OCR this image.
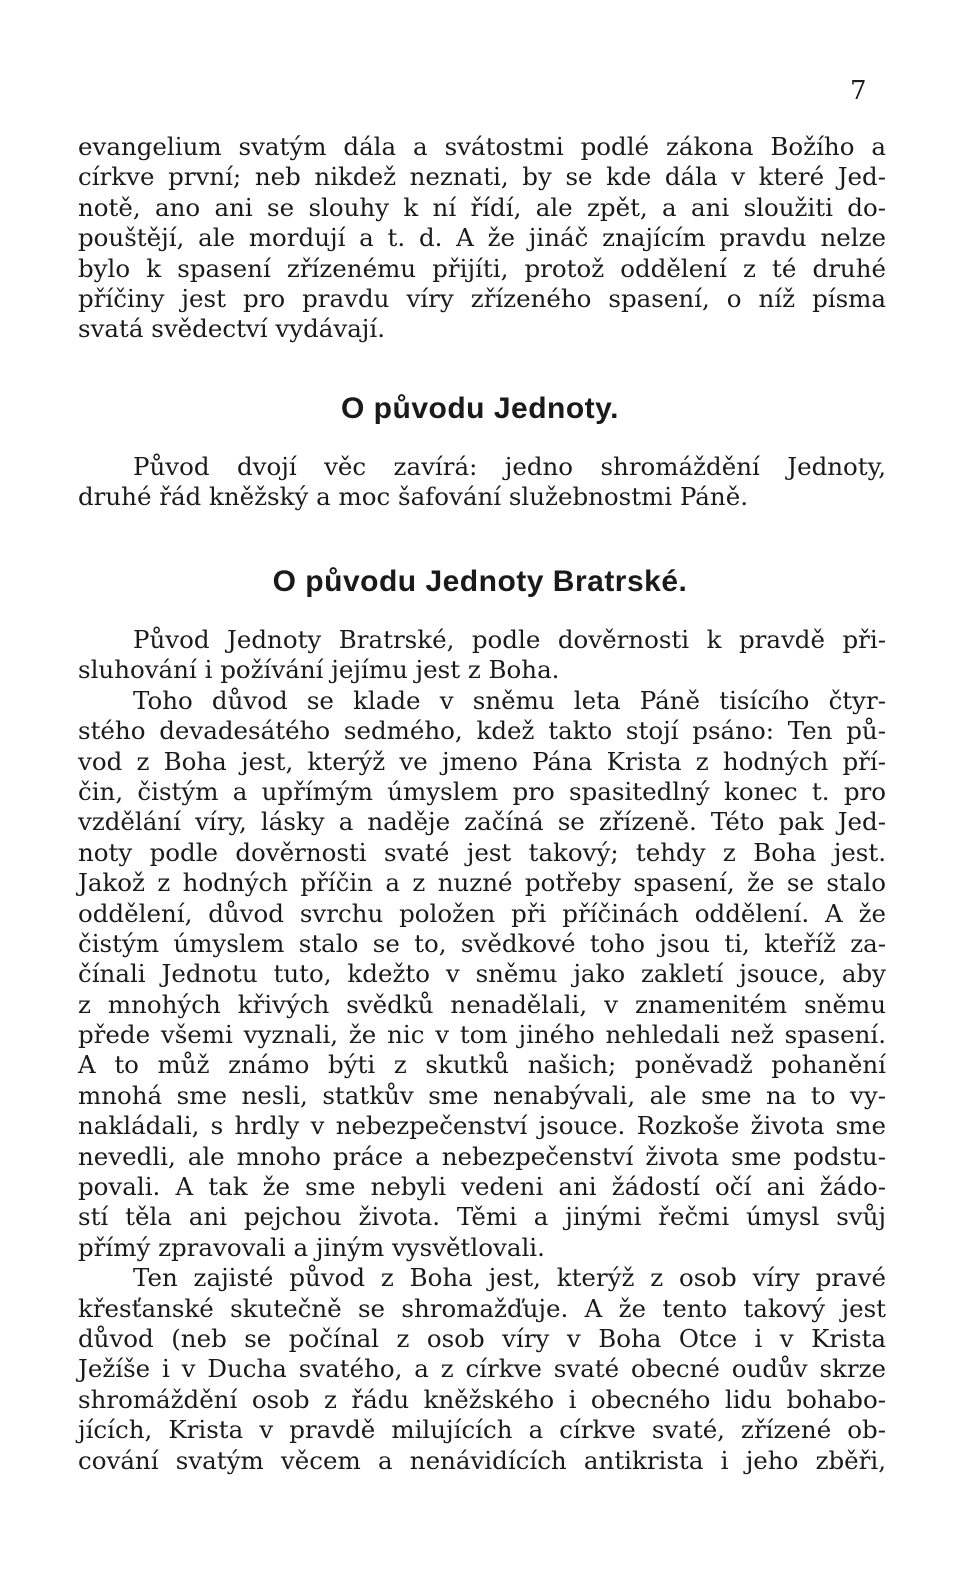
7
evangelium svatým dála a svátostmi podlé zákona Božího a
církve první; neb nikdež neznati, by se kde dála v které Jed-
notě, ano ani se slouhy k ní řídí, ale zpět, a ani sloužiti do-
pouštějí, ale mordují a t. d. A že jináč znajícím pravdu nelze
bylo k spasení zřízenému přijíti, protož oddělení z té druhé
příčiny jest pro pravdu víry zřízeného spasení, o níž písma
svatá svědectví vydávají.
O původu Jednoty.
Původ dvojí věc zavírá: jedno shromáždění Jednoty,
druhé řád kněžský a moc šafování služebnostmi Páně.
O původu Jednoty Bratrské.
Původ Jednoty Bratrské, podle dověrnosti k pravdě při-
sluhování i požívání jejímu jest z Boha.
Toho důvod se klade v sněmu leta Páně tisícího čtyr-
stého devadesátého sedmého, kdež takto stojí psáno: Ten pů-
vod z Boha jest, kterýž ve jmeno Pána Krista z hodných pří-
čin, čistým a upřímým úmyslem pro spasitedlný konec t. pro
vzdělání víry, lásky a naděje začíná se zřízeně. Této pak Jed-
noty podle dověrnosti svaté jest takový; tehdy z Boha jest.
Jakož z hodných příčin a z nuzné potřeby spasení, že se stalo
oddělení, důvod svrchu položen při příčinách oddělení. A že
čistým úmyslem stalo se to, svědkové toho jsou ti, kteříž za-
čínali Jednotu tuto, kdežto v sněmu jako zakletí jsouce, aby
z mnohých křivých svědků nenadělali, v znamenitém sněmu
přede všemi vyznali, že nic v tom jiného nehledali než spasení.
A to můž známo býti z skutků našich; poněvadž pohanění
mnohá sme nesli, statkův sme nenabývali, ale sme na to vy-
nakládali, s hrdly v nebezpečenství jsouce. Rozkoše života sme
nevedli, ale mnoho práce a nebezpečenství života sme podstu-
povali. A tak že sme nebyli vedeni ani žádostí očí ani žádo-
stí těla ani pejchou života. Těmi a jinými řečmi úmysl svůj
přímý zpravovali a jiným vysvětlovali.
Ten zajisté původ z Boha jest, kterýž z osob víry pravé
křesťanské skutečně se shromažďuje. A že tento takový jest
důvod (neb se počínal z osob víry v Boha Otce i v Krista
Ježíše i v Ducha svatého, a z církve svaté obecné oudův skrze
shromáždění osob z řádu kněžského i obecného lidu bohabo-
jících, Krista v pravdě milujících a církve svaté, zřízené ob-
cování svatým věcem a nenávidících antikrista i jeho zběři,
